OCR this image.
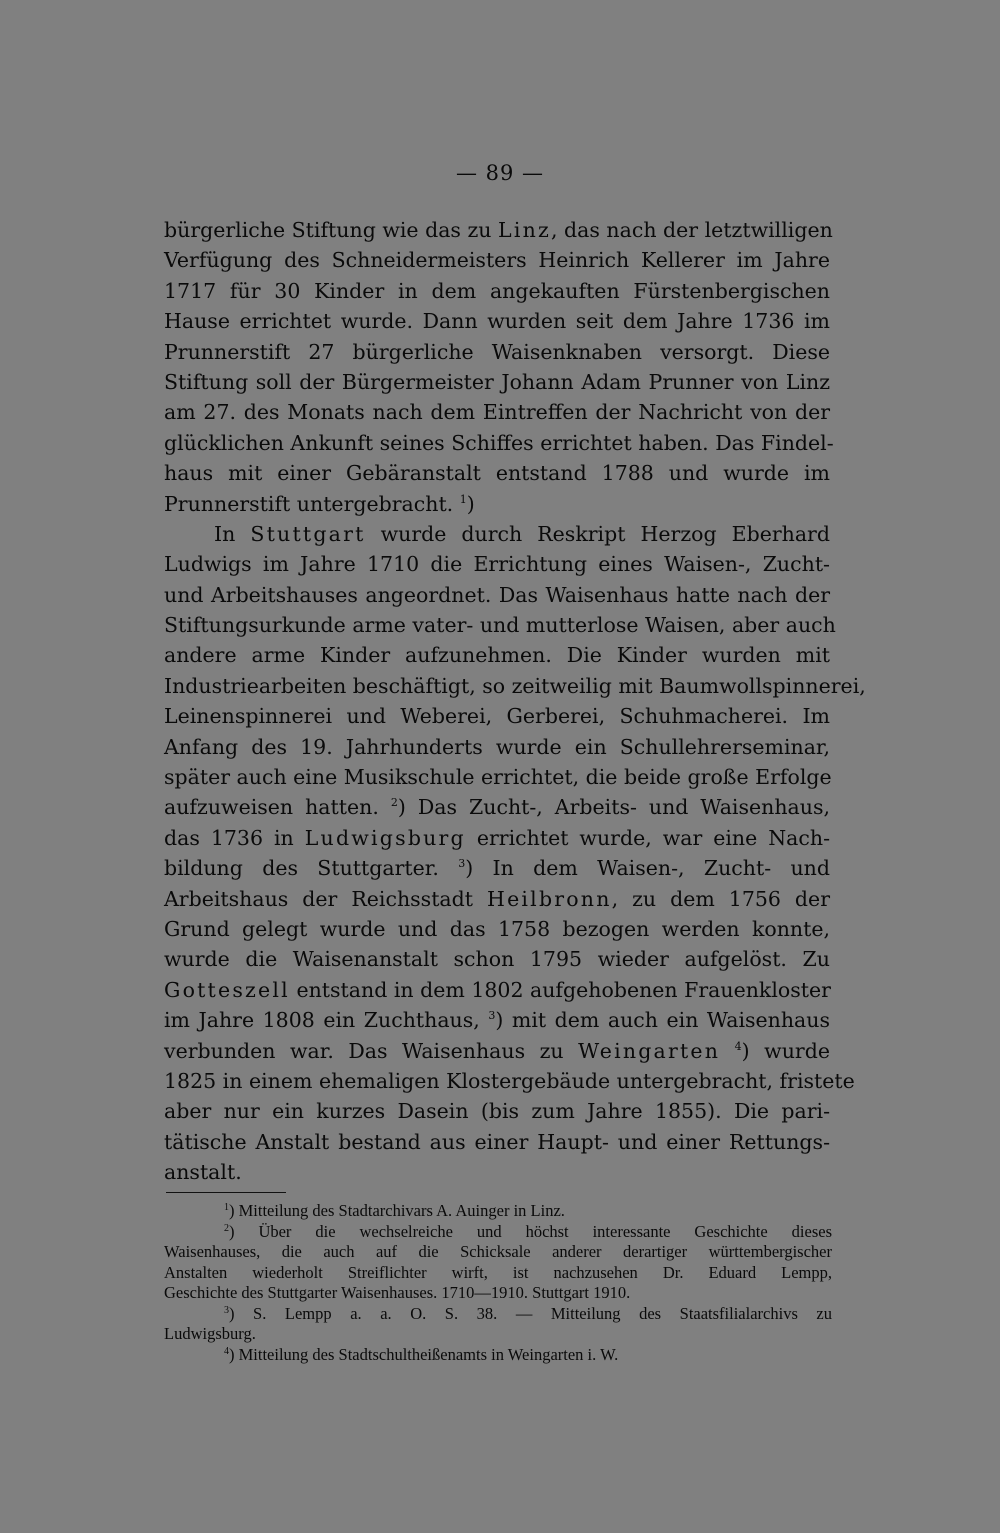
— 89 —
bürgerliche Stiftung wie das zu Linz, das nach der letztwilligen
Verfügung des Schneidermeisters Heinrich Kellerer im Jahre
1717 für 30 Kinder in dem angekauften Fürstenbergischen
Hause errichtet wurde. Dann wurden seit dem Jahre 1736 im
Prunnerstift 27 bürgerliche Waisenknaben versorgt. Diese
Stiftung soll der Bürgermeister Johann Adam Prunner von Linz
am 27. des Monats nach dem Eintreffen der Nachricht von der
glücklichen Ankunft seines Schiffes errichtet haben. Das Findel-
haus mit einer Gebäranstalt entstand 1788 und wurde im
Prunnerstift untergebracht. $^1$)
In Stuttgart wurde durch Reskript Herzog Eberhard
Ludwigs im Jahre 1710 die Errichtung eines Waisen-, Zucht-
und Arbeitshauses angeordnet. Das Waisenhaus hatte nach der
Stiftungsurkunde arme vater- und mutterlose Waisen, aber auch
andere arme Kinder aufzunehmen. Die Kinder wurden mit
Industriearbeiten beschäftigt, so zeitweilig mit Baumwollspinnerei,
Leinenspinnerei und Weberei, Gerberei, Schuhmacherei. Im
Anfang des 19. Jahrhunderts wurde ein Schullehrerseminar,
später auch eine Musikschule errichtet, die beide große Erfolge
aufzuweisen hatten. $^2$) Das Zucht-, Arbeits- und Waisenhaus,
das 1736 in Ludwigsburg errichtet wurde, war eine Nach-
bildung des Stuttgarter. $^3$) In dem Waisen-, Zucht- und
Arbeitshaus der Reichsstadt Heilbronn, zu dem 1756 der
Grund gelegt wurde und das 1758 bezogen werden konnte,
wurde die Waisenanstalt schon 1795 wieder aufgelöst. Zu
Gotteszell entstand in dem 1802 aufgehobenen Frauenkloster
im Jahre 1808 ein Zuchthaus, $^3$) mit dem auch ein Waisenhaus
verbunden war. Das Waisenhaus zu Weingarten $^4$) wurde
1825 in einem ehemaligen Klostergebäude untergebracht, fristete
aber nur ein kurzes Dasein (bis zum Jahre 1855). Die pari-
tätische Anstalt bestand aus einer Haupt- und einer Rettungs-
anstalt.
$^1$) Mitteilung des Stadtarchivars A. Auinger in Linz.
$^2$) Über die wechselreiche und höchst interessante Geschichte dieses
Waisenhauses, die auch auf die Schicksale anderer derartiger württembergischer
Anstalten wiederholt Streiflichter wirft, ist nachzusehen Dr. Eduard Lempp,
Geschichte des Stuttgarter Waisenhauses. 1710—1910. Stuttgart 1910.
$^3$) S. Lempp a. a. O. S. 38. — Mitteilung des Staatsfilialarchivs zu
Ludwigsburg.
$^4$) Mitteilung des Stadtschultheißenamts in Weingarten i. W.
